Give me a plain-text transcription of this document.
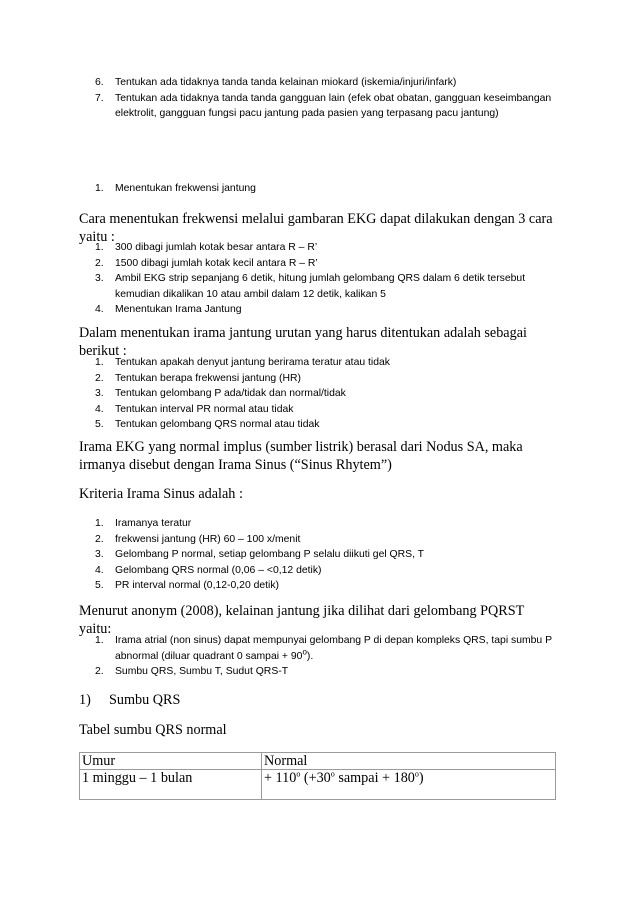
6. Tentukan ada tidaknya tanda tanda kelainan miokard (iskemia/injuri/infark)
7. Tentukan ada tidaknya tanda tanda gangguan lain (efek obat obatan, gangguan keseimbangan elektrolit, gangguan fungsi pacu jantung pada pasien yang terpasang pacu jantung)
1. Menentukan frekwensi jantung

Cara menentukan frekwensi melalui gambaran EKG dapat dilakukan dengan 3 cara yaitu :

1. 300 dibagi jumlah kotak besar antara R – R’
2. 1500 dibagi jumlah kotak kecil antara R – R’
3. Ambil EKG strip sepanjang 6 detik, hitung jumlah gelombang QRS dalam 6 detik tersebut kemudian dikalikan 10 atau ambil dalam 12 detik, kalikan 5
4. Menentukan Irama Jantung

Dalam menentukan irama jantung urutan yang harus ditentukan adalah sebagai berikut :

1. Tentukan apakah denyut jantung berirama teratur atau tidak
2. Tentukan berapa frekwensi jantung (HR)
3. Tentukan gelombang P ada/tidak dan normal/tidak
4. Tentukan interval PR normal atau tidak
5. Tentukan gelombang QRS normal atau tidak

Irama EKG yang normal implus (sumber listrik) berasal dari Nodus SA, maka irmanya disebut dengan Irama Sinus (“Sinus Rhytem”)

Kriteria Irama Sinus adalah :

1. Iramanya teratur
2. frekwensi jantung (HR) 60 – 100 x/menit
3. Gelombang P normal, setiap gelombang P selalu diikuti gel QRS, T
4. Gelombang QRS normal (0,06 – <0,12 detik)
5. PR interval normal (0,12-0,20 detik)

Menurut anonym (2008), kelainan jantung jika dilihat dari gelombang PQRST yaitu:

1. Irama atrial (non sinus) dapat mempunyai gelombang P di depan kompleks QRS, tapi sumbu P abnormal (diluar quadrant 0 sampai + $90^o$).
2. Sumbu QRS, Sumbu T, Sudut QRS-T

1) Sumbu QRS

Tabel sumbu QRS normal

Umur	Normal
1 minggu – 1 bulan	+ $110^o$ ($+30^o$ sampai + $180^o$)
